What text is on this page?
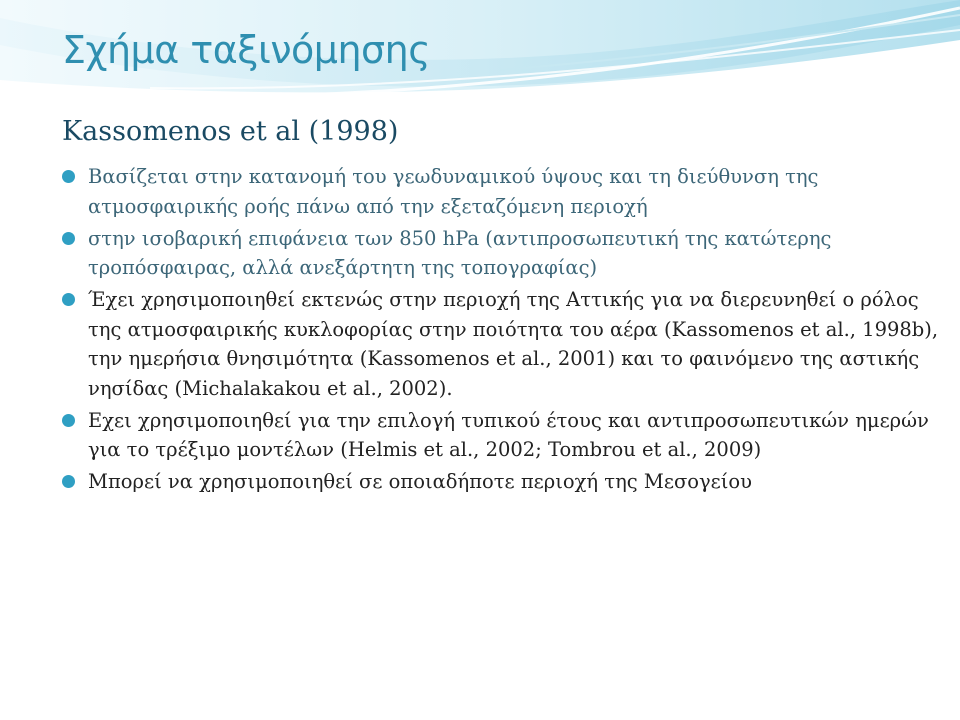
Σχήμα ταξινόμησης
Kassomenos et al (1998)
Βασίζεται στην κατανομή του γεωδυναμικού ύψους και τη διεύθυνση της ατμοσφαιρικής ροής πάνω από την εξεταζόμενη περιοχή
στην ισοβαρική επιφάνεια των 850 hPa (αντιπροσωπευτική της κατώτερης τροπόσφαιρας, αλλά ανεξάρτητη της τοπογραφίας)
Έχει χρησιμοποιηθεί εκτενώς στην περιοχή της Αττικής για να διερευνηθεί ο ρόλος της ατμοσφαιρικής κυκλοφορίας στην ποιότητα του αέρα (Kassomenos et al., 1998b), την ημερήσια θνησιμότητα (Kassomenos et al., 2001) και το φαινόμενο της αστικής νησίδας (Michalakakou et al., 2002).
Εχει χρησιμοποιηθεί για την επιλογή τυπικού έτους και αντιπροσωπευτικών ημερών για το τρέξιμο μοντέλων (Helmis et al., 2002; Tombrou et al., 2009)
Μπορεί να χρησιμοποιηθεί σε οποιαδήποτε περιοχή της Μεσογείου
